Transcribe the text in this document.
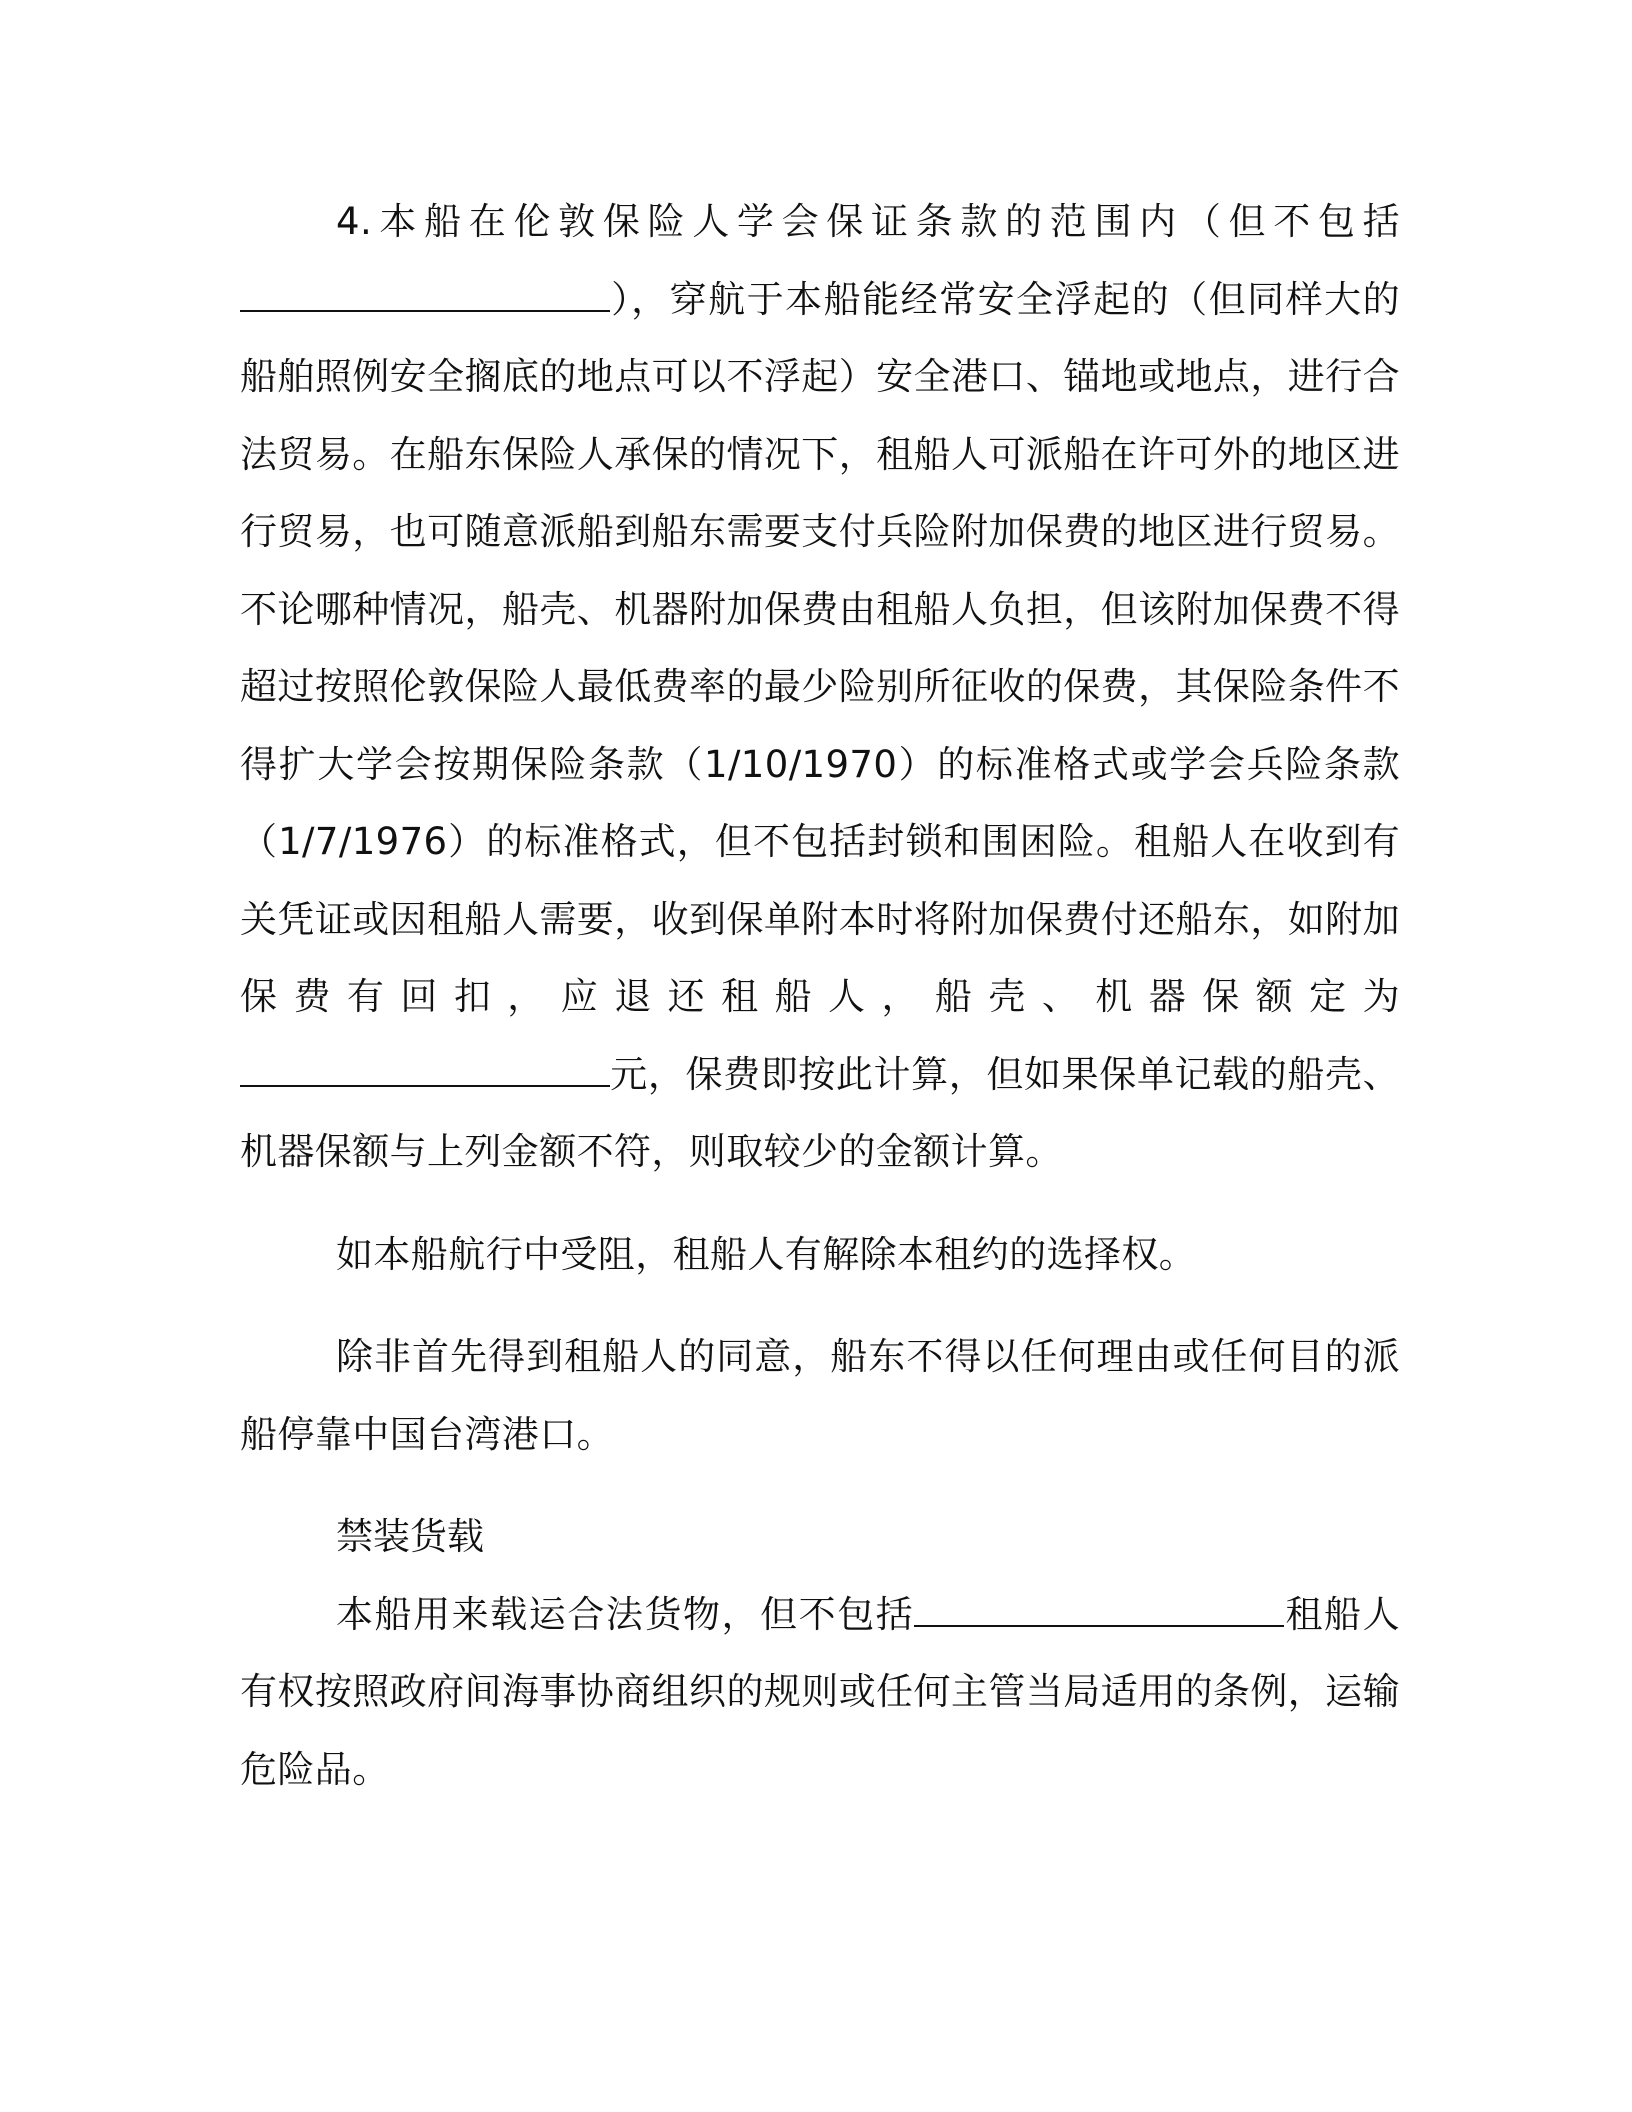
4.本船在伦敦保险人学会保证条款的范围内（但不包括），穿航于本船能经常安全浮起的（但同样大的船舶照例安全搁底的地点可以不浮起）安全港口、锚地或地点，进行合法贸易。在船东保险人承保的情况下，租船人可派船在许可外的地区进行贸易，也可随意派船到船东需要支付兵险附加保费的地区进行贸易。不论哪种情况，船壳、机器附加保费由租船人负担，但该附加保费不得超过按照伦敦保险人最低费率的最少险别所征收的保费，其保险条件不得扩大学会按期保险条款（1/10/1970）的标准格式或学会兵险条款（1/7/1976）的标准格式，但不包括封锁和围困险。租船人在收到有关凭证或因租船人需要，收到保单附本时将附加保费付还船东，如附加保费有回扣，应退还租船人，船壳、机器保额定为元，保费即按此计算，但如果保单记载的船壳、机器保额与上列金额不符，则取较少的金额计算。

如本船航行中受阻，租船人有解除本租约的选择权。

除非首先得到租船人的同意，船东不得以任何理由或任何目的派船停靠中国台湾港口。

禁装货载

本船用来载运合法货物，但不包括	租船人有权按照政府间海事协商组织的规则或任何主管当局适用的条例，运输危险品。
